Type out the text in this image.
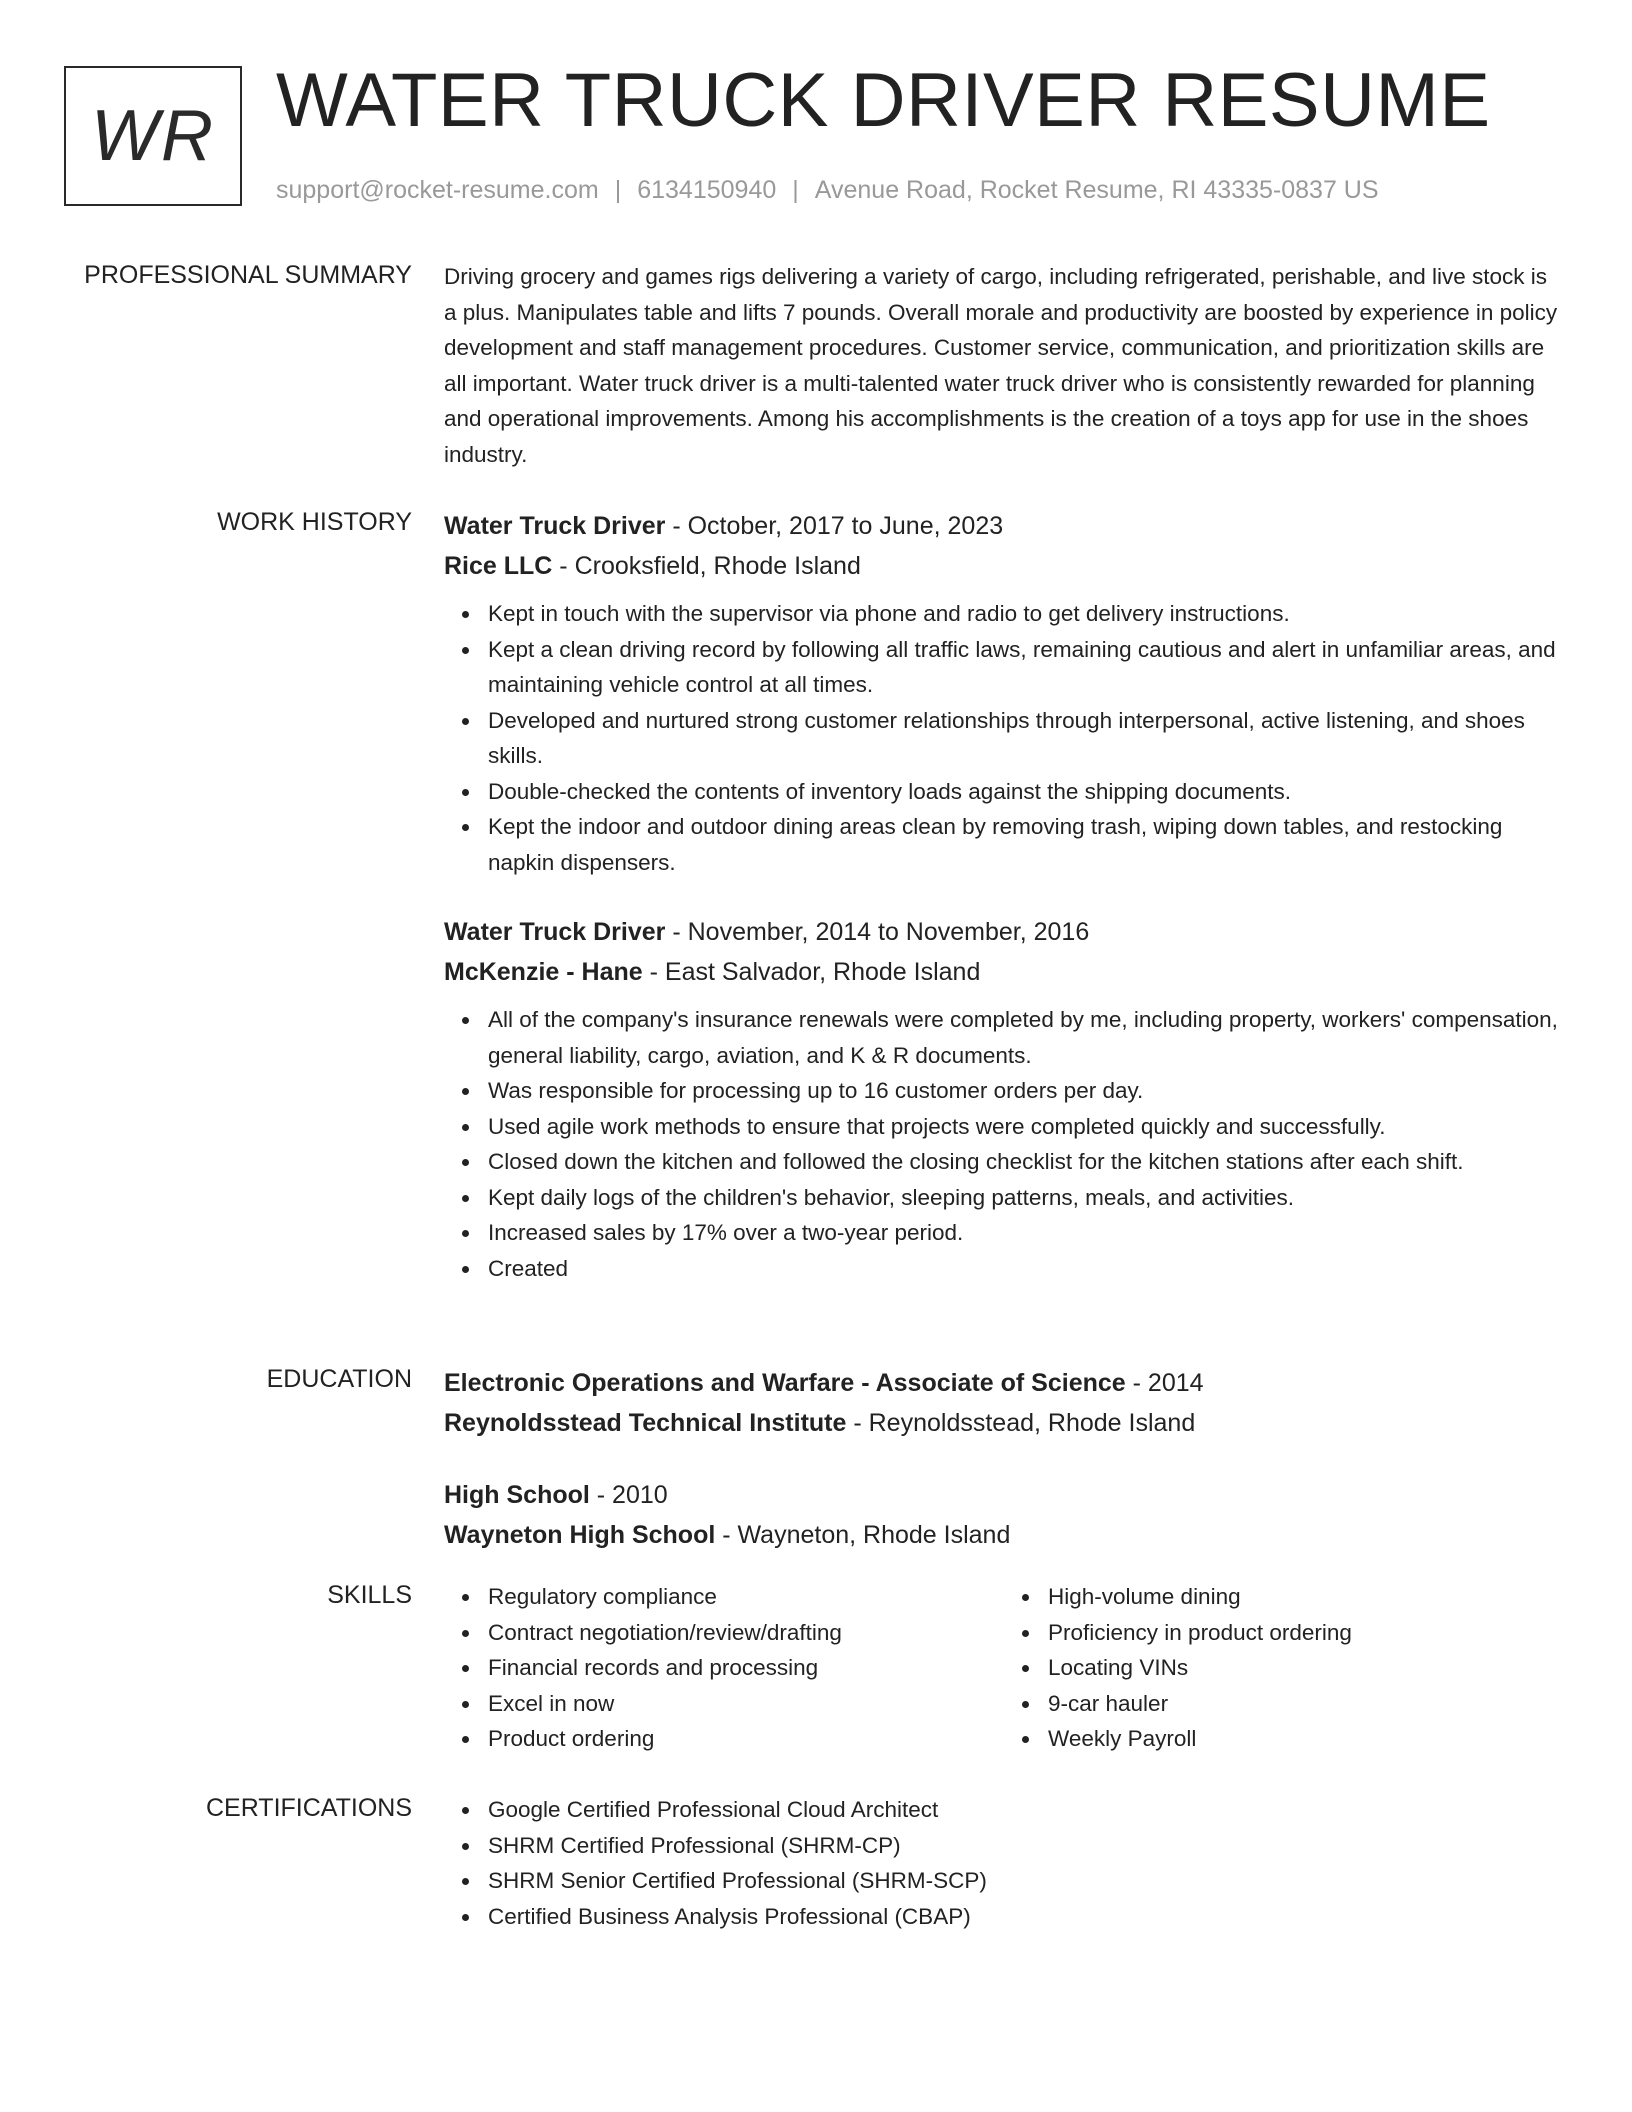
WR WATER TRUCK DRIVER RESUME
support@rocket-resume.com | 6134150940 | Avenue Road, Rocket Resume, RI 43335-0837 US
PROFESSIONAL SUMMARY Driving grocery and games rigs delivering a variety of cargo, including refrigerated, perishable, and live stock is a plus. Manipulates table and lifts 7 pounds. Overall morale and productivity are boosted by experience in policy development and staff management procedures. Customer service, communication, and prioritization skills are all important. Water truck driver is a multi-talented water truck driver who is consistently rewarded for planning and operational improvements. Among his accomplishments is the creation of a toys app for use in the shoes industry.

WORK HISTORY Water Truck Driver - October, 2017 to June, 2023
Rice LLC - Crooksfield, Rhode Island
Kept in touch with the supervisor via phone and radio to get delivery instructions.
Kept a clean driving record by following all traffic laws, remaining cautious and alert in unfamiliar areas, and maintaining vehicle control at all times.
Developed and nurtured strong customer relationships through interpersonal, active listening, and shoes skills.
Double-checked the contents of inventory loads against the shipping documents.
Kept the indoor and outdoor dining areas clean by removing trash, wiping down tables, and restocking napkin dispensers.
Water Truck Driver - November, 2014 to November, 2016
McKenzie - Hane - East Salvador, Rhode Island
All of the company's insurance renewals were completed by me, including property, workers' compensation, general liability, cargo, aviation, and K & R documents.
Was responsible for processing up to 16 customer orders per day.
Used agile work methods to ensure that projects were completed quickly and successfully.
Closed down the kitchen and followed the closing checklist for the kitchen stations after each shift.
Kept daily logs of the children's behavior, sleeping patterns, meals, and activities.
Increased sales by 17% over a two-year period.
Created
EDUCATION Electronic Operations and Warfare - Associate of Science - 2014
Reynoldsstead Technical Institute - Reynoldsstead, Rhode Island
High School - 2010
Wayneton High School - Wayneton, Rhode Island
SKILLS	Regulatory compliance
Contract negotiation/review/drafting
Financial records and processing
Excel in now
Product ordering
High-volume dining
Proficiency in product ordering
Locating VINs
9-car hauler
Weekly Payroll
CERTIFICATIONS	Google Certified Professional Cloud Architect
SHRM Certified Professional (SHRM-CP)
SHRM Senior Certified Professional (SHRM-SCP)
Certified Business Analysis Professional (CBAP)
